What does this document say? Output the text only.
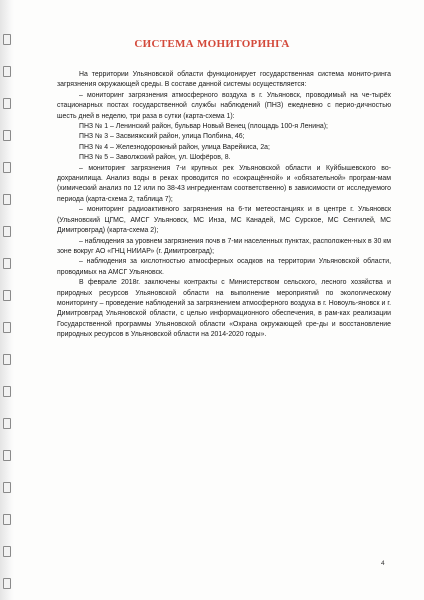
СИСТЕМА МОНИТОРИНГА

На территории Ульяновской области функционирует государственная система монито-ринга загрязнения окружающей среды. В составе данной системы осуществляется:

– мониторинг загрязнения атмосферного воздуха в г. Ульяновск, проводимый на че-тырёх стационарных постах государственной службы наблюдений (ПНЗ) ежедневно с перио-дичностью шесть дней в неделю, три раза в сутки (карта-схема 1):

ПНЗ № 1 – Ленинский район, бульвар Новый Венец (площадь 100-я Ленина);

ПНЗ № 3 – Засвияжский район, улица Полбина, 46;

ПНЗ № 4 – Железнодорожный район, улица Варейкиса, 2а;

ПНЗ № 5 – Заволжский район, ул. Шофёров, 8.

– мониторинг загрязнения 7-и крупных рек Ульяновской области и Куйбышевского во-дохранилища. Анализ воды в реках проводится по «сокращённой» и «обязательной» програм-мам (химический анализ по 12 или по 38-43 ингредиентам соответственно) в зависимости от исследуемого периода (карта-схема 2, таблица 7);

– мониторинг радиоактивного загрязнения на 6-ти метеостанциях и в центре г. Ульяновск (Ульяновский ЦГМС, АМСГ Ульяновск, МС Инза, МС Канадей, МС Сурское, МС Сенгилей, МС Димитровград) (карта-схема 2);

– наблюдения за уровнем загрязнения почв в 7-ми населенных пунктах, расположен-ных в 30 км зоне вокруг АО «ГНЦ НИИАР» (г. Димитровград);

– наблюдения за кислотностью атмосферных осадков на территории Ульяновской области, проводимых на АМСГ Ульяновск.

В феврале 2018г. заключены контракты с Министерством сельского, лесного хозяйства и природных ресурсов Ульяновской области на выполнение мероприятий по экологическому мониторингу – проведение наблюдений за загрязнением атмосферного воздуха в г. Новоуль-яновск и г. Димитровград Ульяновской области, с целью информационного обеспечения, в рам-ках реализации Государственной программы Ульяновской области «Охрана окружающей сре-ды и восстановление природных ресурсов в Ульяновской области на 2014-2020 годы».

4
